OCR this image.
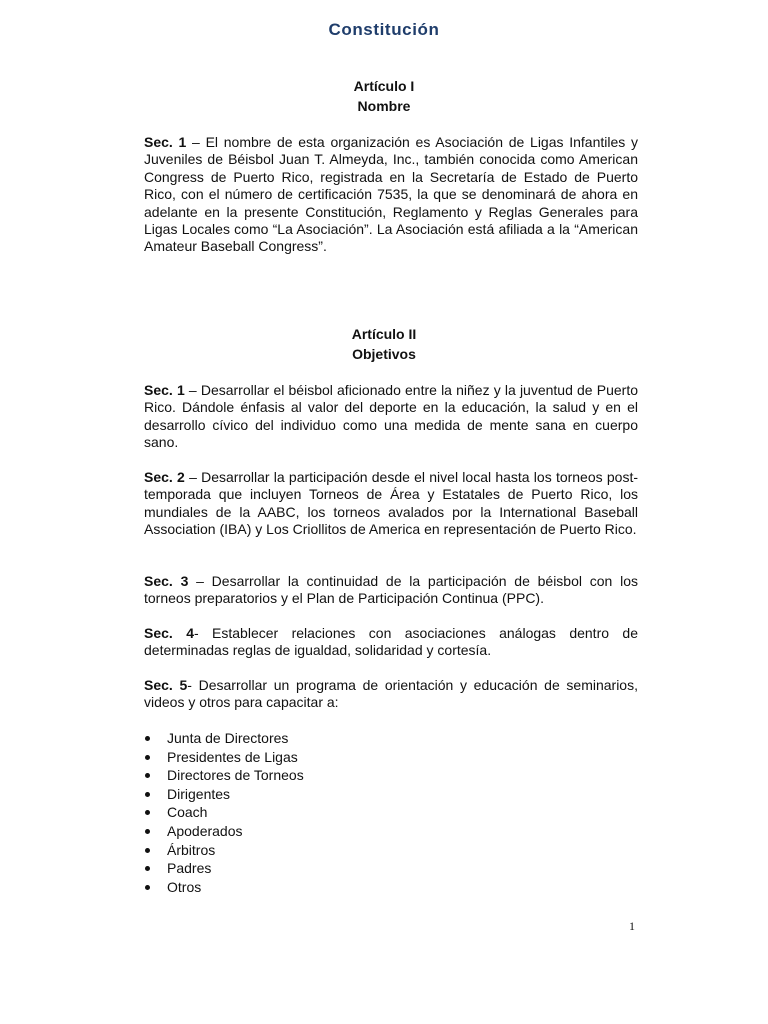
Constitución
Artículo I
Nombre

Sec. 1 – El nombre de esta organización es Asociación de Ligas Infantiles y Juveniles de Béisbol Juan T. Almeyda, Inc., también conocida como American Congress de Puerto Rico, registrada en la Secretaría de Estado de Puerto Rico, con el número de certificación 7535, la que se denominará de ahora en adelante en la presente Constitución, Reglamento y Reglas Generales para Ligas Locales como “La Asociación”. La Asociación está afiliada a la “American Amateur Baseball Congress”.

Artículo II
Objetivos

Sec. 1 – Desarrollar el béisbol aficionado entre la niñez y la juventud de Puerto Rico. Dándole énfasis al valor del deporte en la educación, la salud y en el desarrollo cívico del individuo como una medida de mente sana en cuerpo sano.

Sec. 2 – Desarrollar la participación desde el nivel local hasta los torneos post-temporada que incluyen Torneos de Área y Estatales de Puerto Rico, los mundiales de la AABC, los torneos avalados por la International Baseball Association (IBA) y Los Criollitos de America en representación de Puerto Rico.

Sec. 3 – Desarrollar la continuidad de la participación de béisbol con los torneos preparatorios y el Plan de Participación Continua (PPC).

Sec. 4- Establecer relaciones con asociaciones análogas dentro de determinadas reglas de igualdad, solidaridad y cortesía.

Sec. 5- Desarrollar un programa de orientación y educación de seminarios, videos y otros para capacitar a:

Junta de Directores
Presidentes de Ligas
Directores de Torneos
Dirigentes
Coach
Apoderados
Árbitros
Padres
Otros
1
